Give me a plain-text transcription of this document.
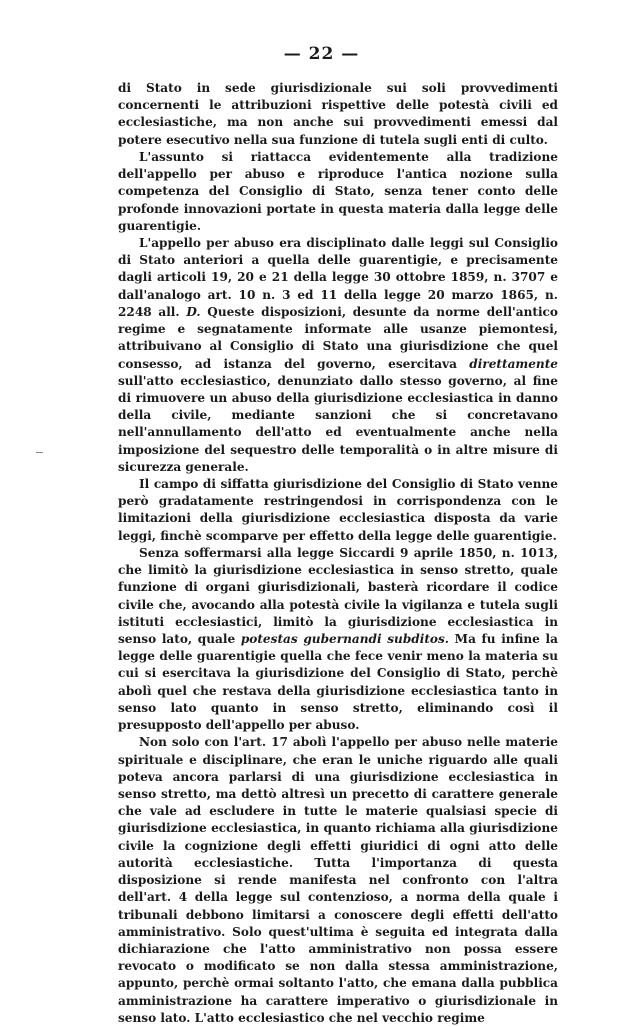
— 22 —

di Stato in sede giurisdizionale sui soli provvedimenti concernenti le attribuzioni rispettive delle potestà civili ed ecclesiastiche, ma non anche sui provvedimenti emessi dal potere esecutivo nella sua funzione di tutela sugli enti di culto.

L'assunto si riattacca evidentemente alla tradizione dell'appello per abuso e riproduce l'antica nozione sulla competenza del Consiglio di Stato, senza tener conto delle profonde innovazioni portate in questa materia dalla legge delle guarentigie.

L'appello per abuso era disciplinato dalle leggi sul Consiglio di Stato anteriori a quella delle guarentigie, e precisamente dagli articoli 19, 20 e 21 della legge 30 ottobre 1859, n. 3707 e dall'analogo art. 10 n. 3 ed 11 della legge 20 marzo 1865, n. 2248 all. D. Queste disposizioni, desunte da norme dell'antico regime e segnatamente informate alle usanze piemontesi, attribuivano al Consiglio di Stato una giurisdizione che quel consesso, ad istanza del governo, esercitava direttamente sull'atto ecclesiastico, denunziato dallo stesso governo, al fine di rimuovere un abuso della giurisdizione ecclesiastica in danno della civile, mediante sanzioni che si concretavano nell'annullamento dell'atto ed eventualmente anche nella imposizione del sequestro delle temporalità o in altre misure di sicurezza generale.

Il campo di siffatta giurisdizione del Consiglio di Stato venne però gradatamente restringendosi in corrispondenza con le limitazioni della giurisdizione ecclesiastica disposta da varie leggi, finchè scomparve per effetto della legge delle guarentigie.

Senza soffermarsi alla legge Siccardi 9 aprile 1850, n. 1013, che limitò la giurisdizione ecclesiastica in senso stretto, quale funzione di organi giurisdizionali, basterà ricordare il codice civile che, avocando alla potestà civile la vigilanza e tutela sugli istituti ecclesiastici, limitò la giurisdizione ecclesiastica in senso lato, quale potestas gubernandi subditos. Ma fu infine la legge delle guarentigie quella che fece venir meno la materia su cui si esercitava la giurisdizione del Consiglio di Stato, perchè abolì quel che restava della giurisdizione ecclesiastica tanto in senso lato quanto in senso stretto, eliminando così il presupposto dell'appello per abuso.

Non solo con l'art. 17 abolì l'appello per abuso nelle materie spirituale e disciplinare, che eran le uniche riguardo alle quali poteva ancora parlarsi di una giurisdizione ecclesiastica in senso stretto, ma dettò altresì un precetto di carattere generale che vale ad escludere in tutte le materie qualsiasi specie di giurisdizione ecclesiastica, in quanto richiama alla giurisdizione civile la cognizione degli effetti giuridici di ogni atto delle autorità ecclesiastiche. Tutta l'importanza di questa disposizione si rende manifesta nel confronto con l'altra dell'art. 4 della legge sul contenzioso, a norma della quale i tribunali debbono limitarsi a conoscere degli effetti dell'atto amministrativo. Solo quest'ultima è seguita ed integrata dalla dichiarazione che l'atto amministrativo non possa essere revocato o modificato se non dalla stessa amministrazione, appunto, perchè ormai soltanto l'atto, che emana dalla pubblica amministrazione ha carattere imperativo o giurisdizionale in senso lato. L'atto ecclesiastico che nel vecchio regime
